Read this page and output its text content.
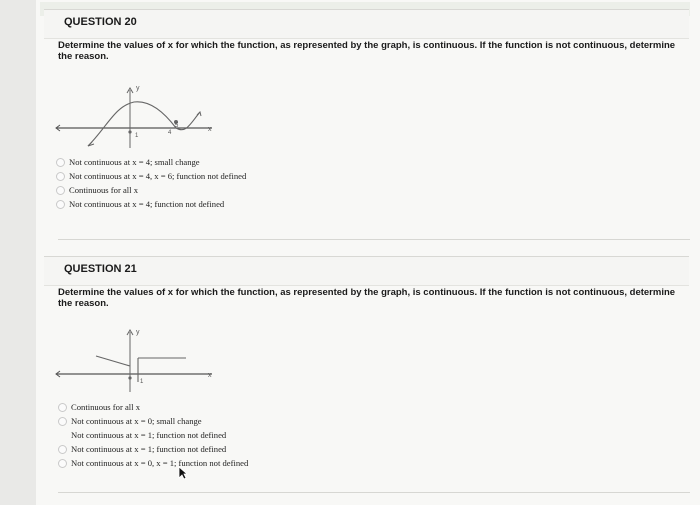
QUESTION 20
Determine the values of x for which the function, as represented by the graph, is continuous. If the function is not continuous, determine the reason.
y
x
1	4
5
Not continuous at x = 4; small change
Not continuous at x = 4, x = 6; function not defined
Continuous for all x
Not continuous at x = 4; function not defined
QUESTION 21
Determine the values of x for which the function, as represented by the graph, is continuous. If the function is not continuous, determine the reason.
y
x
1
Continuous for all x
Not continuous at x = 0; small change
Not continuous at x = 1; function not defined
Not continuous at x = 1; function not defined
Not continuous at x = 0, x = 1; function not defined
